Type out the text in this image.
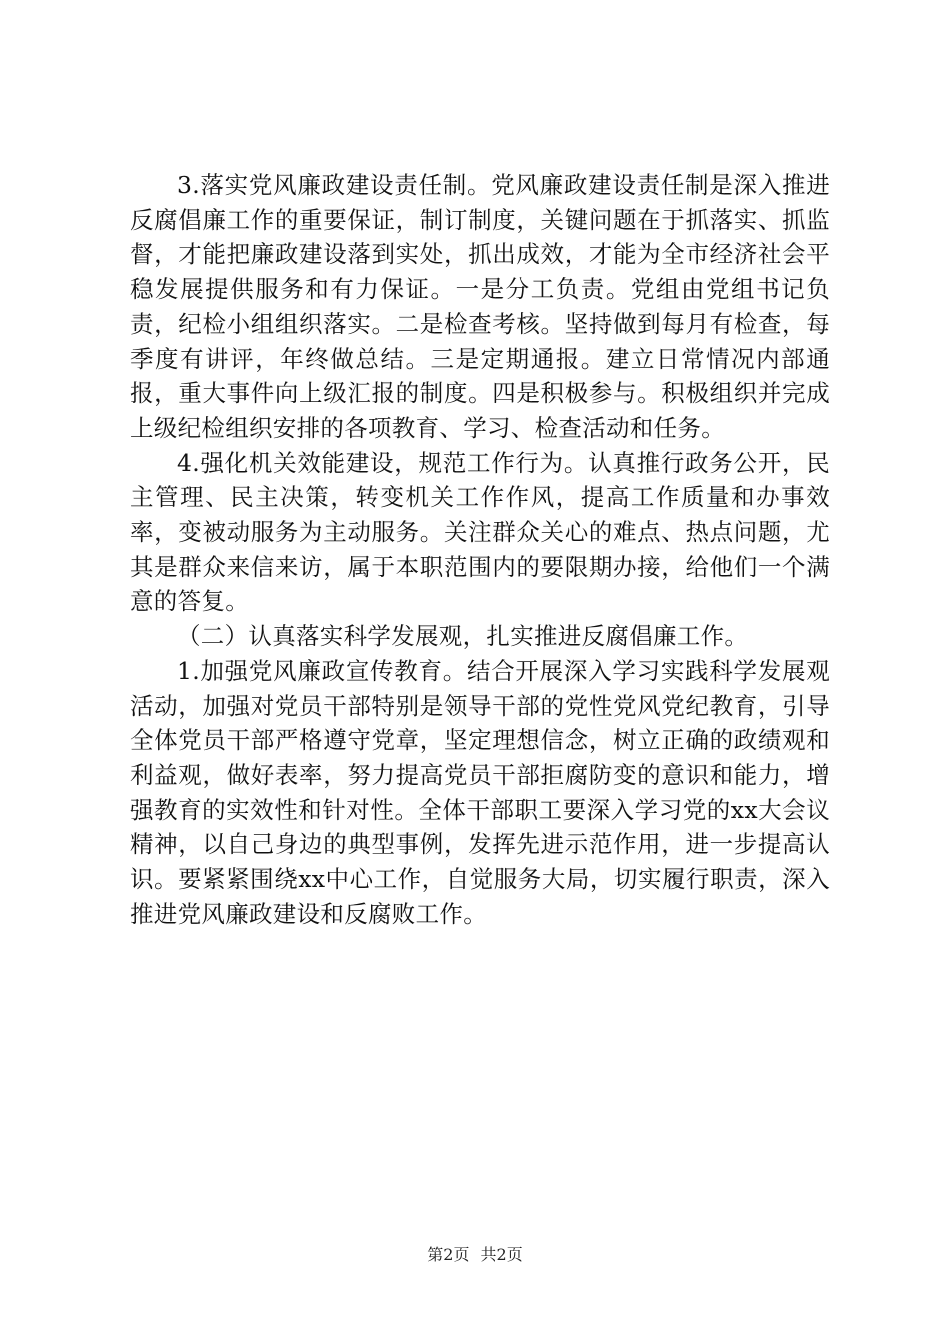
3.落实党风廉政建设责任制。党风廉政建设责任制是深入推进反腐倡廉工作的重要保证，制订制度，关键问题在于抓落实、抓监督，才能把廉政建设落到实处，抓出成效，才能为全市经济社会平稳发展提供服务和有力保证。一是分工负责。党组由党组书记负责，纪检小组组织落实。二是检查考核。坚持做到每月有检查，每季度有讲评，年终做总结。三是定期通报。建立日常情况内部通报，重大事件向上级汇报的制度。四是积极参与。积极组织并完成上级纪检组织安排的各项教育、学习、检查活动和任务。

4.强化机关效能建设，规范工作行为。认真推行政务公开，民主管理、民主决策，转变机关工作作风，提高工作质量和办事效率，变被动服务为主动服务。关注群众关心的难点、热点问题，尤其是群众来信来访，属于本职范围内的要限期办接，给他们一个满意的答复。

（二）认真落实科学发展观，扎实推进反腐倡廉工作。

1.加强党风廉政宣传教育。结合开展深入学习实践科学发展观活动，加强对党员干部特别是领导干部的党性党风党纪教育，引导全体党员干部严格遵守党章，坚定理想信念，树立正确的政绩观和利益观，做好表率，努力提高党员干部拒腐防变的意识和能力，增强教育的实效性和针对性。全体干部职工要深入学习党的xx大会议精神，以自己身边的典型事例，发挥先进示范作用，进一步提高认识。要紧紧围绕xx中心工作，自觉服务大局，切实履行职责，深入推进党风廉政建设和反腐败工作。

第2页 共2页
